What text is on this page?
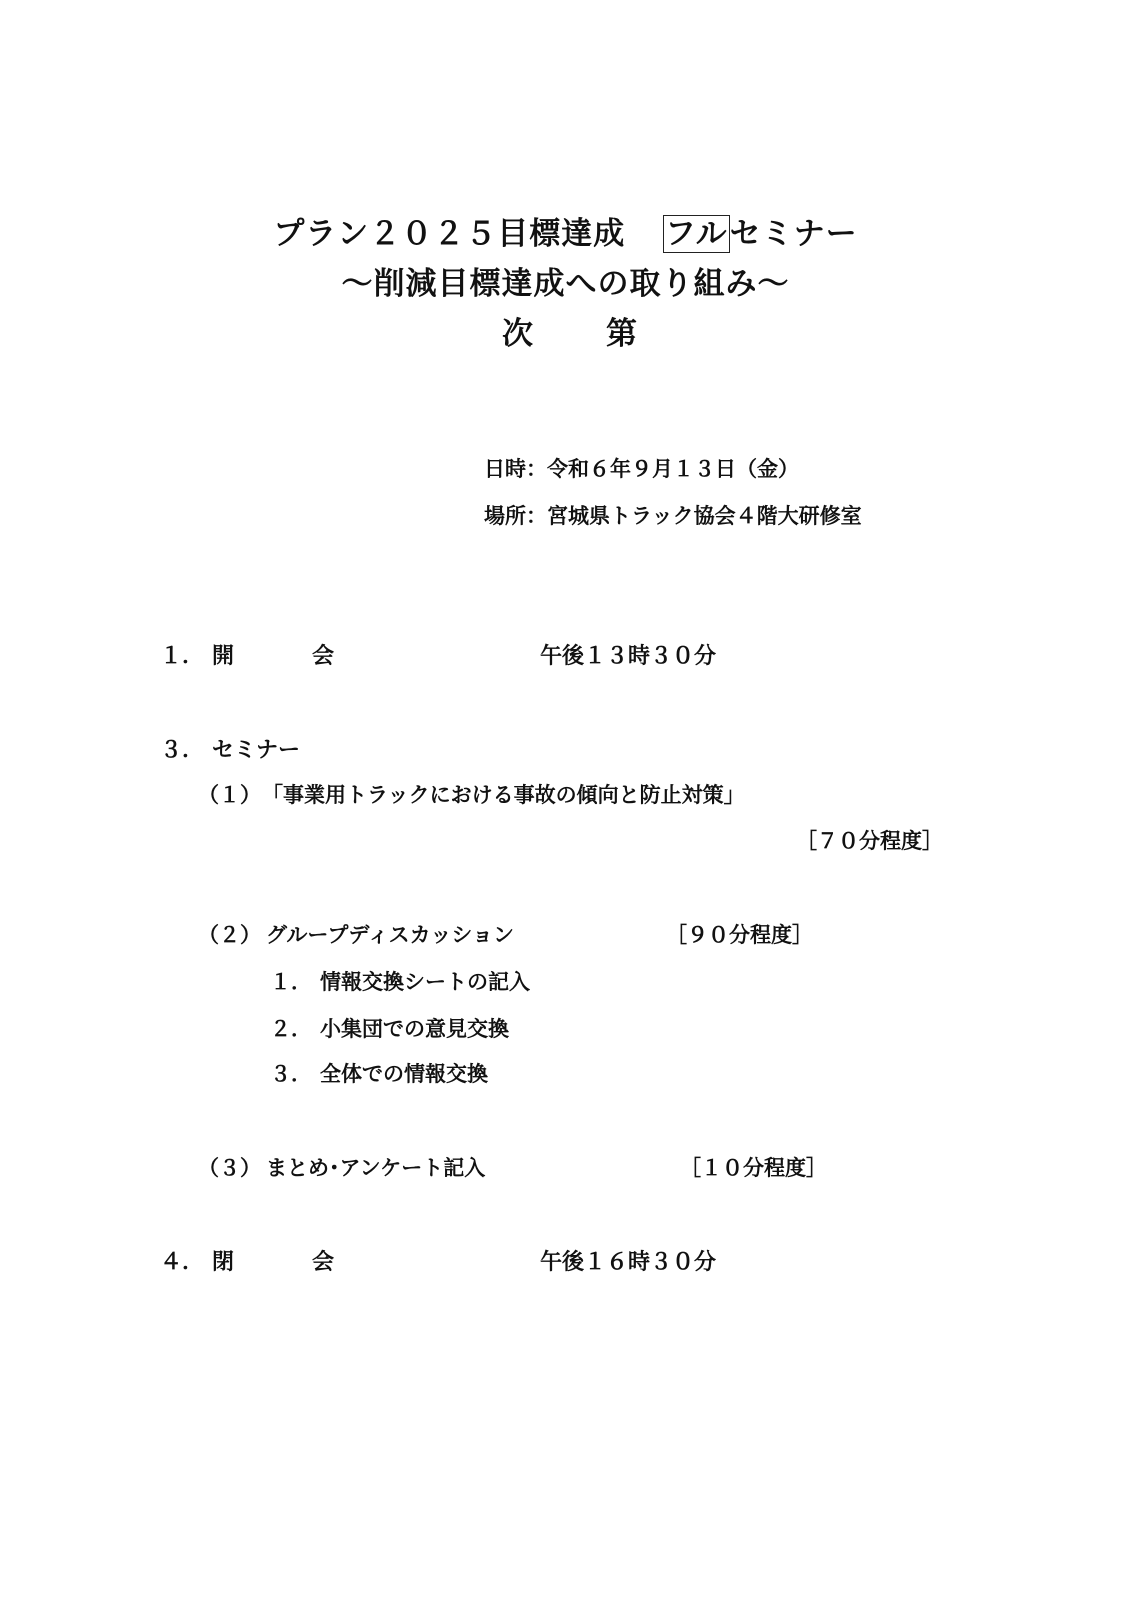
プラン２０２５目標達成 フルセミナー
～削減目標達成への取り組み～
次 第
日時：令和６年９月１３日（金）
場所：宮城県トラック協会４階大研修室
１． 開	会	午後１３時３０分
３． セミナー
（１） 「事業用トラックにおける事故の傾向と防止対策」
［７０分程度］
（２） グループディスカッション	［９０分程度］
１． 情報交換シートの記入
２． 小集団での意見交換
３． 全体での情報交換
（３） まとめ･アンケート記入	［１０分程度］
４． 閉	会	午後１６時３０分
